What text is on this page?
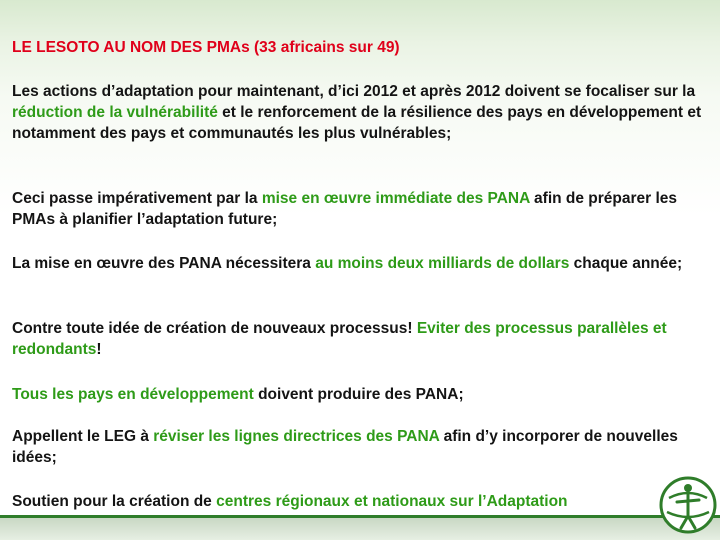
LE LESOTO AU NOM DES PMAs (33 africains sur 49)
Les actions d’adaptation pour maintenant, d’ici 2012 et après 2012 doivent se focaliser sur la réduction de la vulnérabilité et le renforcement de la résilience des pays en développement et notamment des pays et communautés les plus vulnérables;
Ceci passe impérativement par la mise en œuvre immédiate des PANA afin de préparer les PMAs à planifier l’adaptation future;
La mise en œuvre des PANA nécessitera au moins deux milliards de dollars chaque année;
Contre toute idée de création de nouveaux processus! Eviter des processus parallèles et redondants!
Tous les pays en développement doivent produire des PANA;
Appellent le LEG à réviser les lignes directrices des PANA afin d’y incorporer de nouvelles idées;
Soutien pour la création de centres régionaux et nationaux sur l’Adaptation
